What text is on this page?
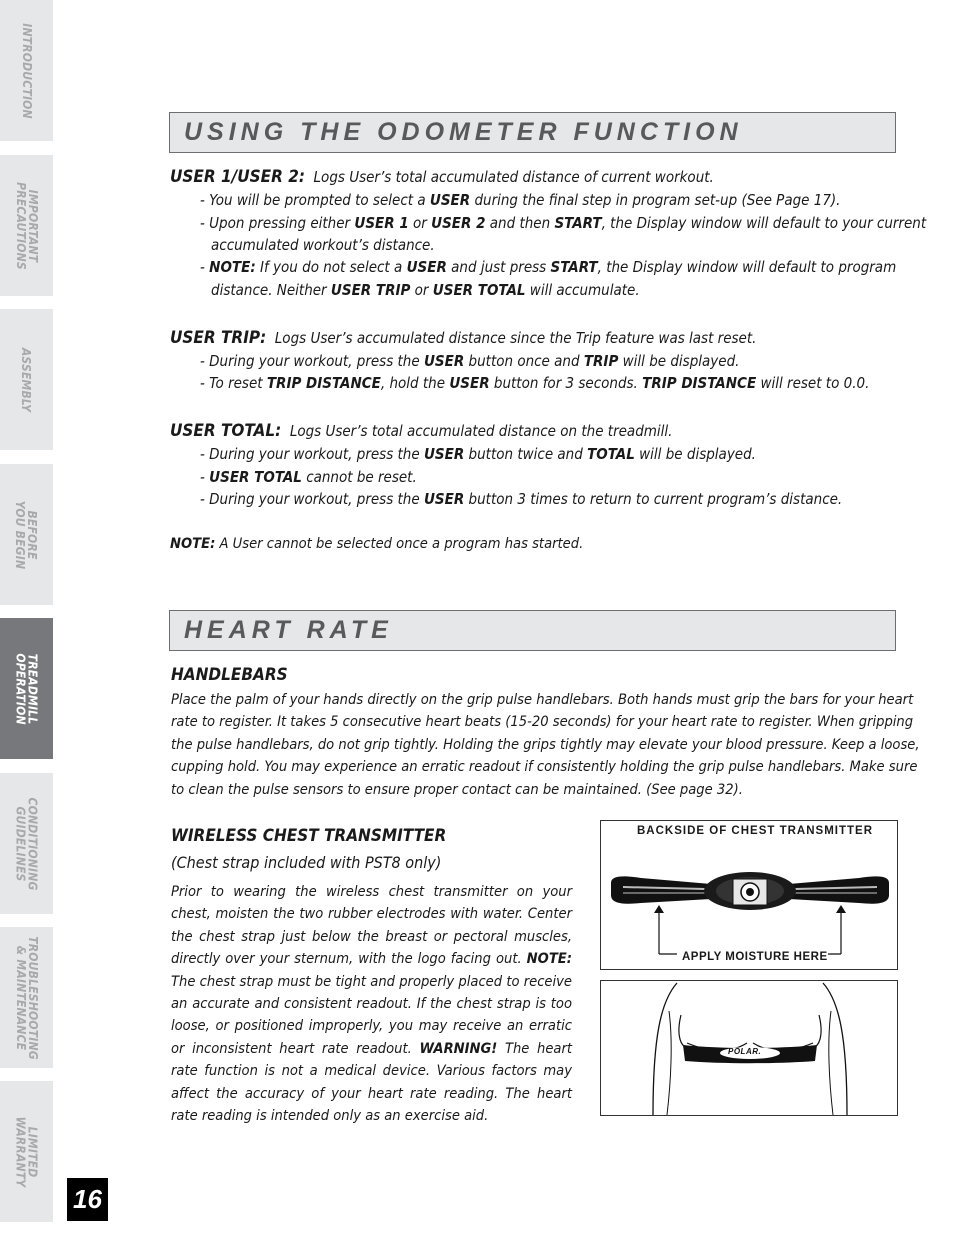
INTRODUCTION
IMPORTANT
PRECAUTIONS
ASSEMBLY
BEFORE
YOU BEGIN
TREADMILL
OPERATION
CONDITIONING
GUIDELINES
TROUBLESHOOTING
& MAINTENANCE
LIMITED
WARRANTY
16
USING THE ODOMETER FUNCTION
USER 1/USER 2: Logs User’s total accumulated distance of current workout.
- You will be prompted to select a USER during the final step in program set-up (See Page 17).
- Upon pressing either USER 1 or USER 2 and then START, the Display window will default to your current
accumulated workout’s distance.
- NOTE: If you do not select a USER and just press START, the Display window will default to program
distance. Neither USER TRIP or USER TOTAL will accumulate.
USER TRIP: Logs User’s accumulated distance since the Trip feature was last reset.
- During your workout, press the USER button once and TRIP will be displayed.
- To reset TRIP DISTANCE, hold the USER button for 3 seconds. TRIP DISTANCE will reset to 0.0.
USER TOTAL: Logs User’s total accumulated distance on the treadmill.
- During your workout, press the USER button twice and TOTAL will be displayed.
- USER TOTAL cannot be reset.
- During your workout, press the USER button 3 times to return to current program’s distance.
NOTE: A User cannot be selected once a program has started.
HEART RATE
HANDLEBARS
Place the palm of your hands directly on the grip pulse handlebars. Both hands must grip the bars for your heart
rate to register. It takes 5 consecutive heart beats (15-20 seconds) for your heart rate to register. When gripping
the pulse handlebars, do not grip tightly. Holding the grips tightly may elevate your blood pressure. Keep a loose,
cupping hold. You may experience an erratic readout if consistently holding the grip pulse handlebars. Make sure
to clean the pulse sensors to ensure proper contact can be maintained. (See page 32).
WIRELESS CHEST TRANSMITTER
(Chest strap included with PST8 only)
Prior to wearing the wireless chest transmitter on your chest, moisten the two rubber electrodes with water. Center the chest strap just below the breast or pectoral muscles, directly over your sternum, with the logo facing out. NOTE: The chest strap must be tight and properly placed to receive an accurate and consistent readout. If the chest strap is too loose, or positioned improperly, you may receive an erratic or inconsistent heart rate readout. WARNING! The heart rate function is not a medical device. Various factors may affect the accuracy of your heart rate reading. The heart rate reading is intended only as an exercise aid.
BACKSIDE OF CHEST TRANSMITTER
APPLY MOISTURE HERE
POLAR.
